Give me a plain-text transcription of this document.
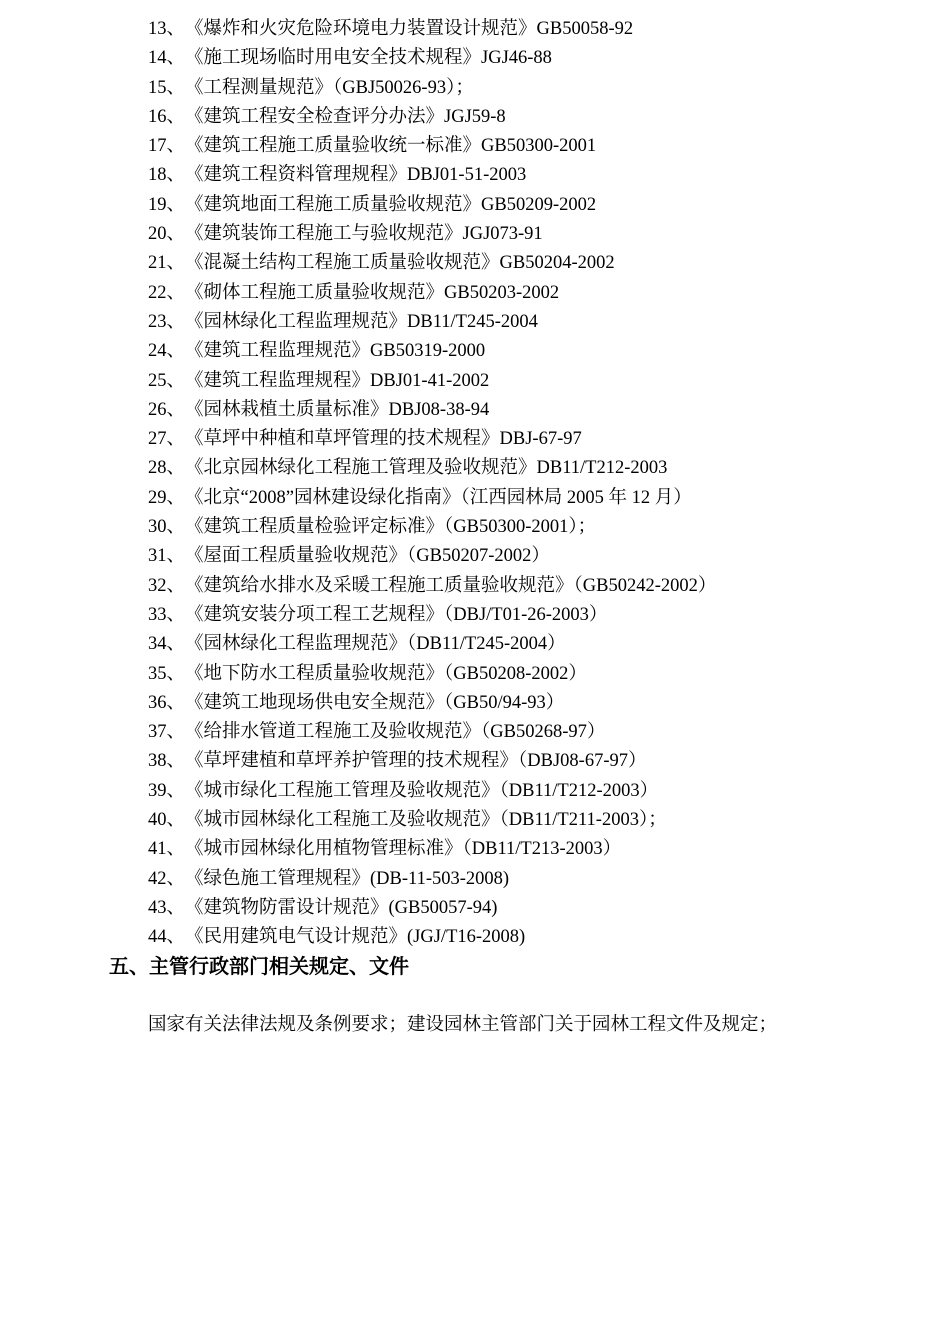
13、《爆炸和火灾危险环境电力装置设计规范》GB50058-92
14、《施工现场临时用电安全技术规程》JGJ46-88
15、《工程测量规范》（GBJ50026-93）；
16、《建筑工程安全检查评分办法》JGJ59-8
17、《建筑工程施工质量验收统一标准》GB50300-2001
18、《建筑工程资料管理规程》DBJ01-51-2003
19、《建筑地面工程施工质量验收规范》GB50209-2002
20、《建筑装饰工程施工与验收规范》JGJ073-91
21、《混凝土结构工程施工质量验收规范》GB50204-2002
22、《砌体工程施工质量验收规范》GB50203-2002
23、《园林绿化工程监理规范》DB11/T245-2004
24、《建筑工程监理规范》GB50319-2000
25、《建筑工程监理规程》DBJ01-41-2002
26、《园林栽植土质量标准》DBJ08-38-94
27、《草坪中种植和草坪管理的技术规程》DBJ-67-97
28、《北京园林绿化工程施工管理及验收规范》DB11/T212-2003
29、《北京“2008”园林建设绿化指南》（江西园林局 2005 年 12 月）
30、《建筑工程质量检验评定标准》（GB50300-2001）；
31、《屋面工程质量验收规范》（GB50207-2002）
32、《建筑给水排水及采暖工程施工质量验收规范》（GB50242-2002）
33、《建筑安装分项工程工艺规程》（DBJ/T01-26-2003）
34、《园林绿化工程监理规范》（DB11/T245-2004）
35、《地下防水工程质量验收规范》（GB50208-2002）
36、《建筑工地现场供电安全规范》（GB50/94-93）
37、《给排水管道工程施工及验收规范》（GB50268-97）
38、《草坪建植和草坪养护管理的技术规程》（DBJ08-67-97）
39、《城市绿化工程施工管理及验收规范》（DB11/T212-2003）
40、《城市园林绿化工程施工及验收规范》（DB11/T211-2003）；
41、《城市园林绿化用植物管理标准》（DB11/T213-2003）
42、《绿色施工管理规程》(DB-11-503-2008)
43、《建筑物防雷设计规范》(GB50057-94)
44、《民用建筑电气设计规范》(JGJ/T16-2008)
五、主管行政部门相关规定、文件

国家有关法律法规及条例要求；建设园林主管部门关于园林工程文件及规定；
